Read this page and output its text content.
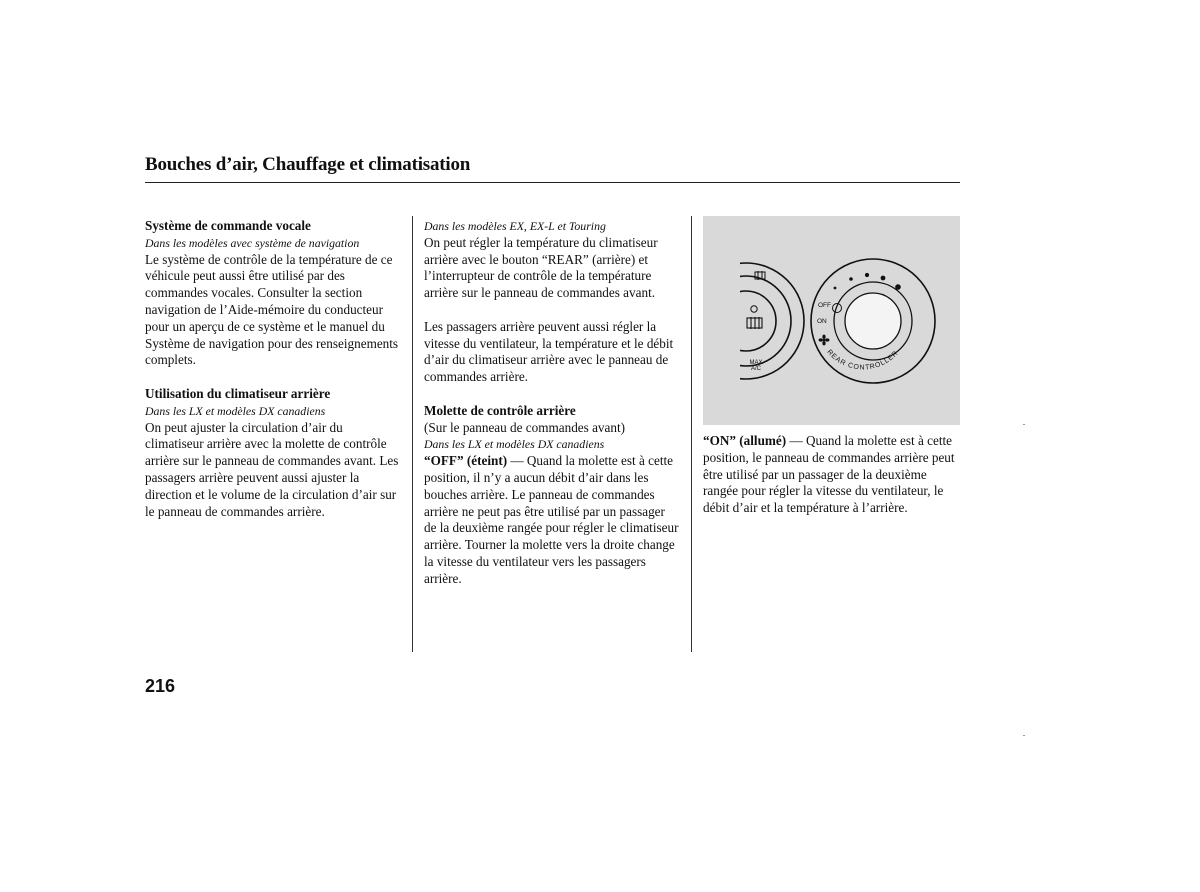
Bouches d’air, Chauffage et climatisation
Système de commande vocale
Dans les modèles avec système de navigation
Le système de contrôle de la température de ce véhicule peut aussi être utilisé par des commandes vocales. Consulter la section navigation de l’Aide-mémoire du conducteur pour un aperçu de ce système et le manuel du Système de navigation pour des renseignements complets.
Utilisation du climatiseur arrière
Dans les LX et modèles DX canadiens
On peut ajuster la circulation d’air du climatiseur arrière avec la molette de contrôle arrière sur le panneau de commandes avant. Les passagers arrière peuvent aussi ajuster la direction et le volume de la circulation d’air sur le panneau de commandes arrière.
Dans les modèles EX, EX-L et Touring
On peut régler la température du climatiseur arrière avec le bouton “REAR” (arrière) et l’interrupteur de contrôle de la température arrière sur le panneau de commandes avant.
Les passagers arrière peuvent aussi régler la vitesse du ventilateur, la température et le débit d’air du climatiseur arrière avec le panneau de commandes arrière.
Molette de contrôle arrière
(Sur le panneau de commandes avant)
Dans les LX et modèles DX canadiens
“OFF” (éteint) — Quand la molette est à cette position, il n’y a aucun débit d’air dans les bouches arrière. Le panneau de commandes arrière ne peut pas être utilisé par un passager de la deuxième rangée pour régler le climatiseur arrière. Tourner la molette vers la droite change la vitesse du ventilateur vers les passagers arrière.
MAX
A/C
OFF
ON
REAR CONTROLLER
“ON” (allumé) — Quand la molette est à cette position, le panneau de commandes arrière peut être utilisé par un passager de la deuxième rangée pour régler la vitesse du ventilateur, le débit d’air et la température à l’arrière.
216
